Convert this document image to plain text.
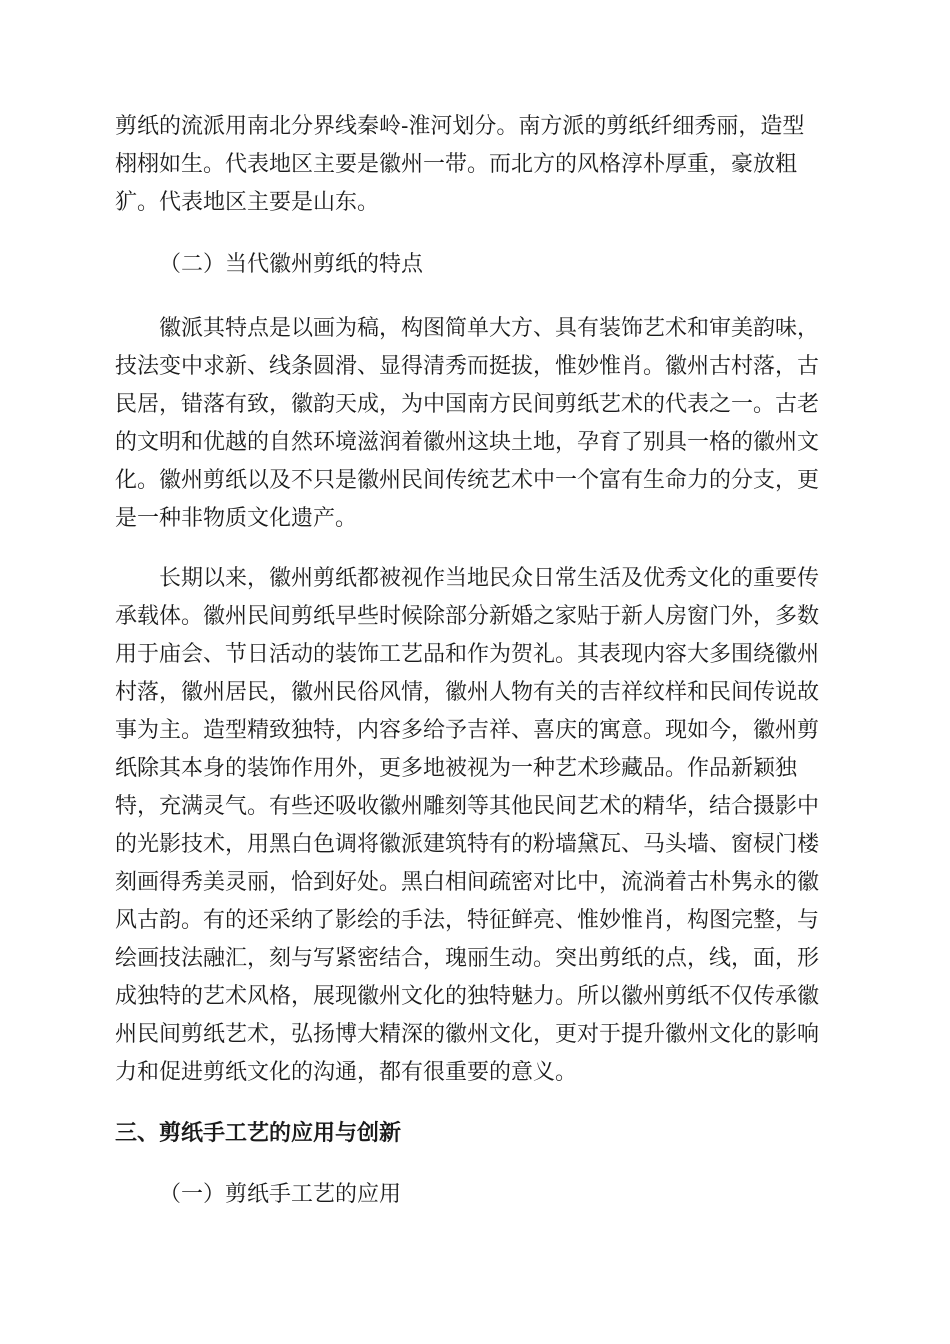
剪纸的流派用南北分界线秦岭-淮河划分。南方派的剪纸纤细秀丽，造型
栩栩如生。代表地区主要是徽州一带。而北方的风格淳朴厚重，豪放粗
犷。代表地区主要是山东。

（二）当代徽州剪纸的特点

　　徽派其特点是以画为稿，构图简单大方、具有装饰艺术和审美韵味，
技法变中求新、线条圆滑、显得清秀而挺拔，惟妙惟肖。徽州古村落，古
民居，错落有致，徽韵天成，为中国南方民间剪纸艺术的代表之一。古老
的文明和优越的自然环境滋润着徽州这块土地，孕育了别具一格的徽州文
化。徽州剪纸以及不只是徽州民间传统艺术中一个富有生命力的分支，更
是一种非物质文化遗产。

　　长期以来，徽州剪纸都被视作当地民众日常生活及优秀文化的重要传
承载体。徽州民间剪纸早些时候除部分新婚之家贴于新人房窗门外，多数
用于庙会、节日活动的装饰工艺品和作为贺礼。其表现内容大多围绕徽州
村落，徽州居民，徽州民俗风情，徽州人物有关的吉祥纹样和民间传说故
事为主。造型精致独特，内容多给予吉祥、喜庆的寓意。现如今，徽州剪
纸除其本身的装饰作用外，更多地被视为一种艺术珍藏品。作品新颖独
特，充满灵气。有些还吸收徽州雕刻等其他民间艺术的精华，结合摄影中
的光影技术，用黑白色调将徽派建筑特有的粉墙黛瓦、马头墙、窗棂门楼
刻画得秀美灵丽，恰到好处。黑白相间疏密对比中，流淌着古朴隽永的徽
风古韵。有的还采纳了影绘的手法，特征鲜亮、惟妙惟肖，构图完整，与
绘画技法融汇，刻与写紧密结合，瑰丽生动。突出剪纸的点，线，面，形
成独特的艺术风格，展现徽州文化的独特魅力。所以徽州剪纸不仅传承徽
州民间剪纸艺术，弘扬博大精深的徽州文化，更对于提升徽州文化的影响
力和促进剪纸文化的沟通，都有很重要的意义。

三、剪纸手工艺的应用与创新

（一）剪纸手工艺的应用
